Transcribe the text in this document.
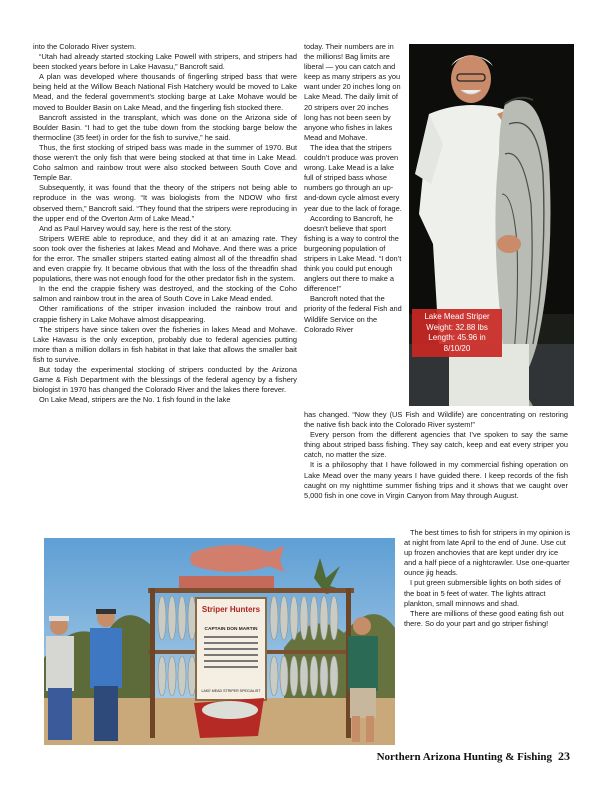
into the Colorado River system.

“Utah had already started stocking Lake Powell with stripers, and stripers had been stocked years before in Lake Havasu,” Bancroft said.

A plan was developed where thousands of fingerling striped bass that were being held at the Willow Beach National Fish Hatchery would be moved to Lake Mead, and the federal government’s stocking barge at Lake Mohave would be moved to Boulder Basin on Lake Mead, and the fingerling fish stocked there.

Bancroft assisted in the transplant, which was done on the Arizona side of Boulder Basin. “I had to get the tube down from the stocking barge below the thermocline (35 feet) in order for the fish to survive,” he said.

Thus, the first stocking of striped bass was made in the summer of 1970. But those weren’t the only fish that were being stocked at that time in Lake Mead. Coho salmon and rainbow trout were also stocked between South Cove and Temple Bar.

Subsequently, it was found that the theory of the stripers not being able to reproduce in the was wrong. “It was biologists from the NDOW who first observed them,” Bancroft said. “They found that the stripers were reproducing in the upper end of the Overton Arm of Lake Mead.”

And as Paul Harvey would say, here is the rest of the story.

Stripers WERE able to reproduce, and they did it at an amazing rate. They soon took over the fisheries at lakes Mead and Mohave. And there was a price for the error. The smaller stripers started eating almost all of the threadfin shad and even crappie fry. It became obvious that with the loss of the threadfin shad populations, there was not enough food for the other predator fish in the system.

In the end the crappie fishery was destroyed, and the stocking of the Coho salmon and rainbow trout in the area of South Cove in Lake Mead ended.

Other ramifications of the striper invasion included the rainbow trout and crappie fishery in Lake Mohave almost disappearing.

The stripers have since taken over the fisheries in lakes Mead and Mohave. Lake Havasu is the only exception, probably due to federal agencies putting more than a million dollars in fish habitat in that lake that allows the smaller bait fish to survive.

But today the experimental stocking of stripers conducted by the Arizona Game & Fish Department with the blessings of the federal agency by a fishery biologist in 1970 has changed the Colorado River and the lakes there forever.

On Lake Mead, stripers are the No. 1 fish found in the lake

today. Their numbers are in the millions! Bag limits are liberal — you can catch and keep as many stripers as you want under 20 inches long on Lake Mead. The daily limit of 20 stripers over 20 inches long has not been seen by anyone who fishes in lakes Mead and Mohave.

The idea that the stripers couldn’t produce was proven wrong. Lake Mead is a lake full of striped bass whose numbers go through an up-and-down cycle almost every year due to the lack of forage.

According to Bancroft, he doesn’t believe that sport fishing is a way to control the burgeoning population of stripers in Lake Mead. “I don’t think you could put enough anglers out there to make a difference!”

Bancroft noted that the priority of the federal Fish and Wildlife Service on the Colorado River

has changed. “Now they (US Fish and Wildlife) are concentrating on restoring the native fish back into the Colorado River system!”

Every person from the different agencies that I’ve spoken to say the same thing about striped bass fishing. They say catch, keep and eat every striper you catch, no matter the size.

It is a philosophy that I have followed in my commercial fishing operation on Lake Mead over the many years I have guided there. I keep records of the fish caught on my nighttime summer fishing trips and it shows that we caught over 5,000 fish in one cove in Virgin Canyon from May through August.

The best times to fish for stripers in my opinion is at night from late April to the end of June. Use cut up frozen anchovies that are kept under dry ice and a half piece of a nightcrawler. Use one-quarter ounce jig heads.

I put green submersible lights on both sides of the boat in 5 feet of water. The lights attract plankton, small minnows and shad.

There are millions of these good eating fish out there. So do your part and go striper fishing!

Lake Mead Striper
Weight: 32.88 lbs
Length: 45.96 in
8/10/20
Striper Hunters
CAPTAIN DON MARTIN
LAKE MEAD STRIPER SPECIALIST
Northern Arizona Hunting & Fishing 23
